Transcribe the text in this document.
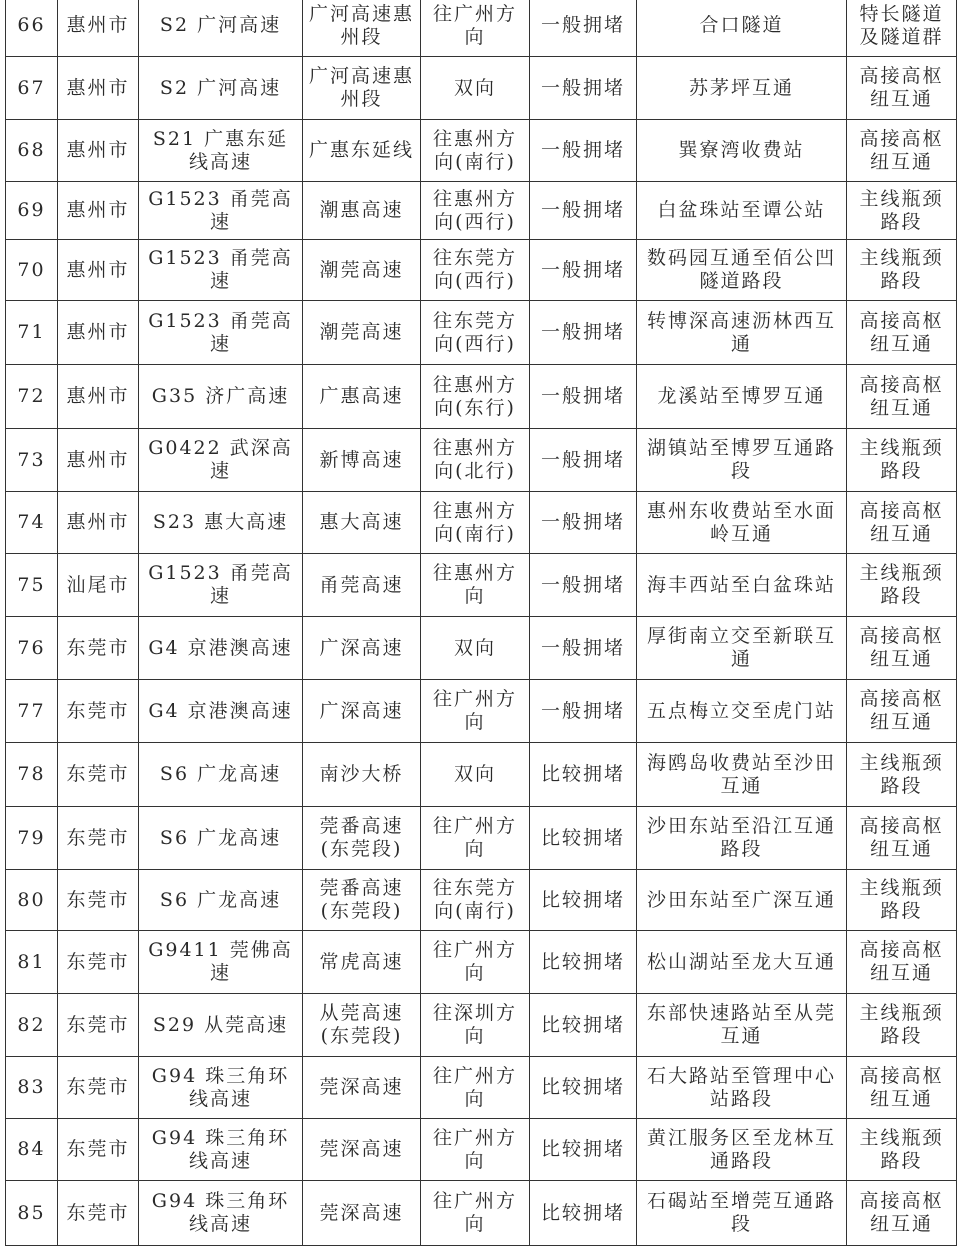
66	惠州市	S2 广河高速	广河高速惠州段	往广州方向	一般拥堵	合口隧道	特长隧道及隧道群
67	惠州市	S2 广河高速	广河高速惠州段	双向	一般拥堵	苏茅坪互通	高接高枢纽互通
68	惠州市	S21 广惠东延线高速	广惠东延线	往惠州方向(南行)	一般拥堵	巽寮湾收费站	高接高枢纽互通
69	惠州市	G1523 甬莞高速	潮惠高速	往惠州方向(西行)	一般拥堵	白盆珠站至谭公站	主线瓶颈路段
70	惠州市	G1523 甬莞高速	潮莞高速	往东莞方向(西行)	一般拥堵	数码园互通至佰公凹隧道路段	主线瓶颈路段
71	惠州市	G1523 甬莞高速	潮莞高速	往东莞方向(西行)	一般拥堵	转博深高速沥林西互通	高接高枢纽互通
72	惠州市	G35 济广高速	广惠高速	往惠州方向(东行)	一般拥堵	龙溪站至博罗互通	高接高枢纽互通
73	惠州市	G0422 武深高速	新博高速	往惠州方向(北行)	一般拥堵	湖镇站至博罗互通路段	主线瓶颈路段
74	惠州市	S23 惠大高速	惠大高速	往惠州方向(南行)	一般拥堵	惠州东收费站至水面岭互通	高接高枢纽互通
75	汕尾市	G1523 甬莞高速	甬莞高速	往惠州方向	一般拥堵	海丰西站至白盆珠站	主线瓶颈路段
76	东莞市	G4 京港澳高速	广深高速	双向	一般拥堵	厚街南立交至新联互通	高接高枢纽互通
77	东莞市	G4 京港澳高速	广深高速	往广州方向	一般拥堵	五点梅立交至虎门站	高接高枢纽互通
78	东莞市	S6 广龙高速	南沙大桥	双向	比较拥堵	海鸥岛收费站至沙田互通	主线瓶颈路段
79	东莞市	S6 广龙高速	莞番高速(东莞段)	往广州方向	比较拥堵	沙田东站至沿江互通路段	高接高枢纽互通
80	东莞市	S6 广龙高速	莞番高速(东莞段)	往东莞方向(南行)	比较拥堵	沙田东站至广深互通	主线瓶颈路段
81	东莞市	G9411 莞佛高速	常虎高速	往广州方向	比较拥堵	松山湖站至龙大互通	高接高枢纽互通
82	东莞市	S29 从莞高速	从莞高速(东莞段)	往深圳方向	比较拥堵	东部快速路站至从莞互通	主线瓶颈路段
83	东莞市	G94 珠三角环线高速	莞深高速	往广州方向	比较拥堵	石大路站至管理中心站路段	高接高枢纽互通
84	东莞市	G94 珠三角环线高速	莞深高速	往广州方向	比较拥堵	黄江服务区至龙林互通路段	主线瓶颈路段
85	东莞市	G94 珠三角环线高速	莞深高速	往广州方向	比较拥堵	石碣站至增莞互通路段	高接高枢纽互通
